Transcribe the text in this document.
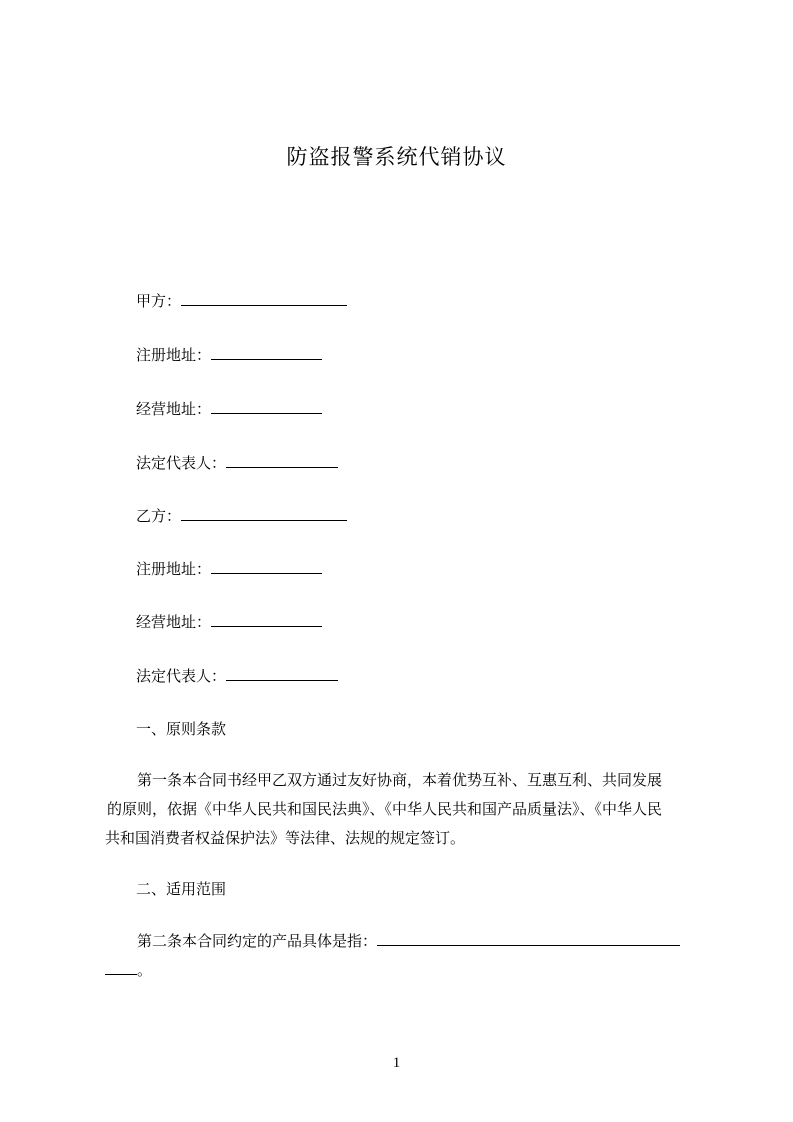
防盗报警系统代销协议
甲方：
注册地址：
经营地址：
法定代表人：
乙方：
注册地址：
经营地址：
法定代表人：
一、原则条款
第一条本合同书经甲乙双方通过友好协商，本着优势互补、互惠互利、共同发展
的原则，依据《中华人民共和国民法典》、《中华人民共和国产品质量法》、《中华人民
共和国消费者权益保护法》等法律、法规的规定签订。
二、适用范围
第二条本合同约定的产品具体是指：
。
1
